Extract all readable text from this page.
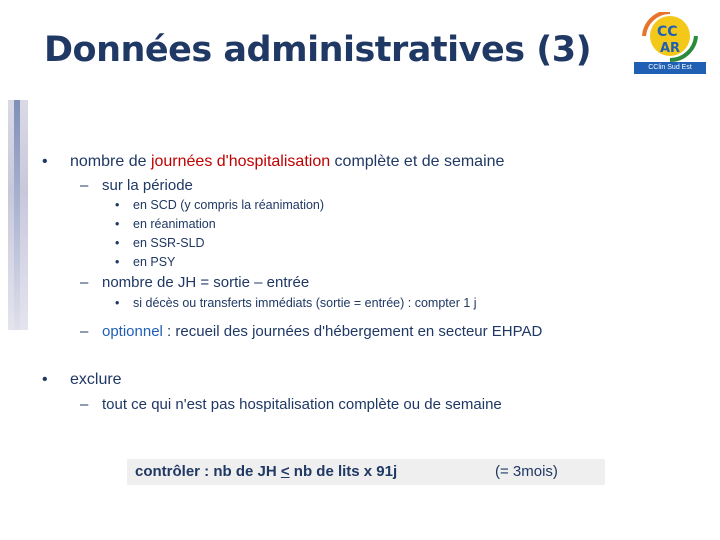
Données administratives (3)	CC
AR
CClin Sud Est
• nombre de journées d'hospitalisation complète et de semaine
– sur la période
• en SCD (y compris la réanimation)
• en réanimation
• en SSR-SLD
• en PSY
– nombre de JH = sortie – entrée
• si décès ou transferts immédiats (sortie = entrée) : compter 1 j
– optionnel : recueil des journées d'hébergement en secteur EHPAD
• exclure
– tout ce qui n'est pas hospitalisation complète ou de semaine
contrôler : nb de JH < nb de lits x 91j	(= 3mois)
